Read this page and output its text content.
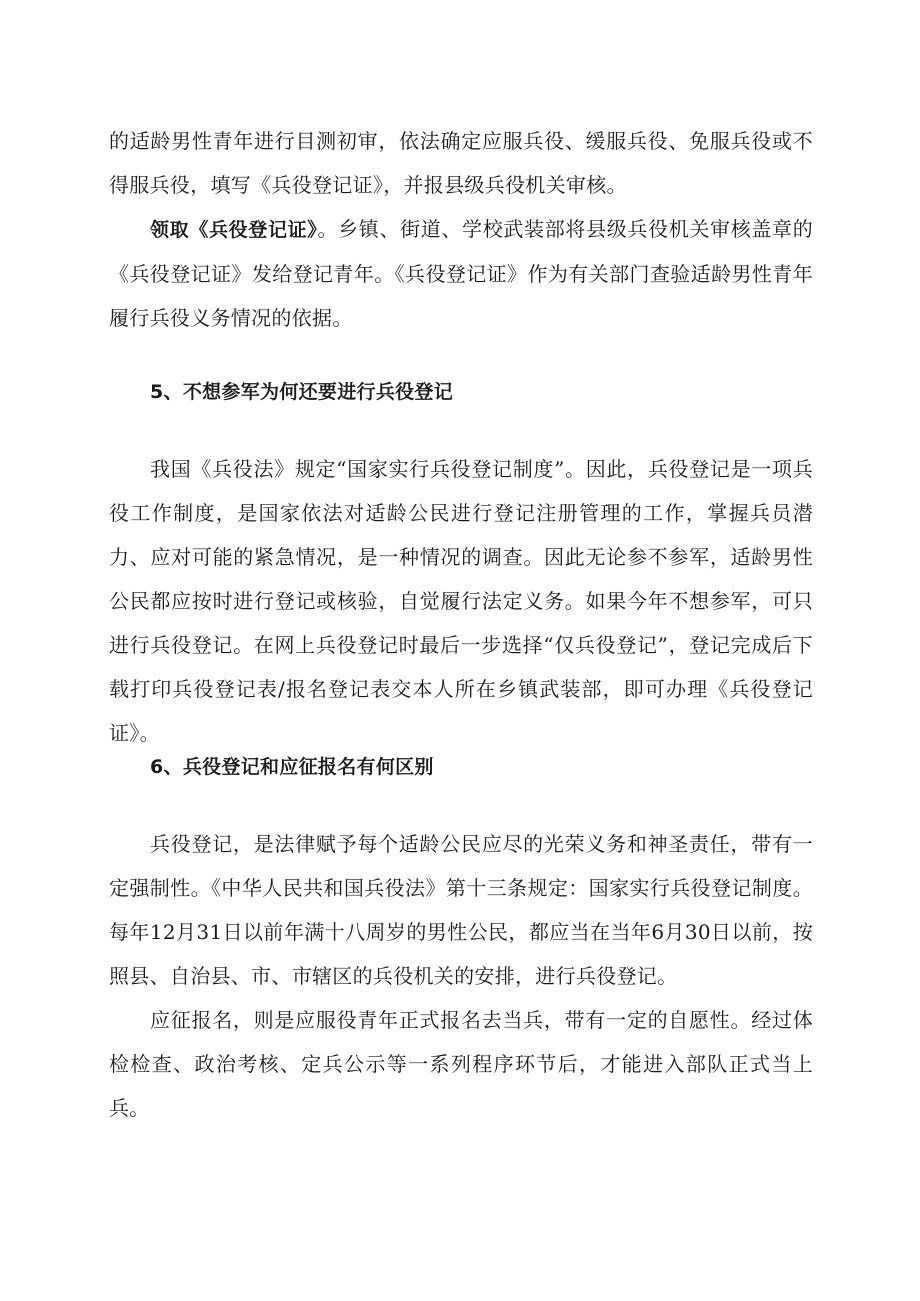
的适龄男性青年进行目测初审，依法确定应服兵役、缓服兵役、免服兵役或不得服兵役，填写《兵役登记证》，并报县级兵役机关审核。

领取《兵役登记证》。乡镇、街道、学校武装部将县级兵役机关审核盖章的《兵役登记证》发给登记青年。《兵役登记证》作为有关部门查验适龄男性青年履行兵役义务情况的依据。

5、不想参军为何还要进行兵役登记

我国《兵役法》规定“国家实行兵役登记制度”。因此，兵役登记是一项兵役工作制度，是国家依法对适龄公民进行登记注册管理的工作，掌握兵员潜力、应对可能的紧急情况，是一种情况的调查。因此无论参不参军，适龄男性公民都应按时进行登记或核验，自觉履行法定义务。如果今年不想参军，可只进行兵役登记。在网上兵役登记时最后一步选择“仅兵役登记”，登记完成后下载打印兵役登记表/报名登记表交本人所在乡镇武装部，即可办理《兵役登记证》。

6、兵役登记和应征报名有何区别

兵役登记，是法律赋予每个适龄公民应尽的光荣义务和神圣责任，带有一定强制性。《中华人民共和国兵役法》第十三条规定：国家实行兵役登记制度。每年12月31日以前年满十八周岁的男性公民，都应当在当年6月30日以前，按照县、自治县、市、市辖区的兵役机关的安排，进行兵役登记。

应征报名，则是应服役青年正式报名去当兵，带有一定的自愿性。经过体检检查、政治考核、定兵公示等一系列程序环节后，才能进入部队正式当上兵。
